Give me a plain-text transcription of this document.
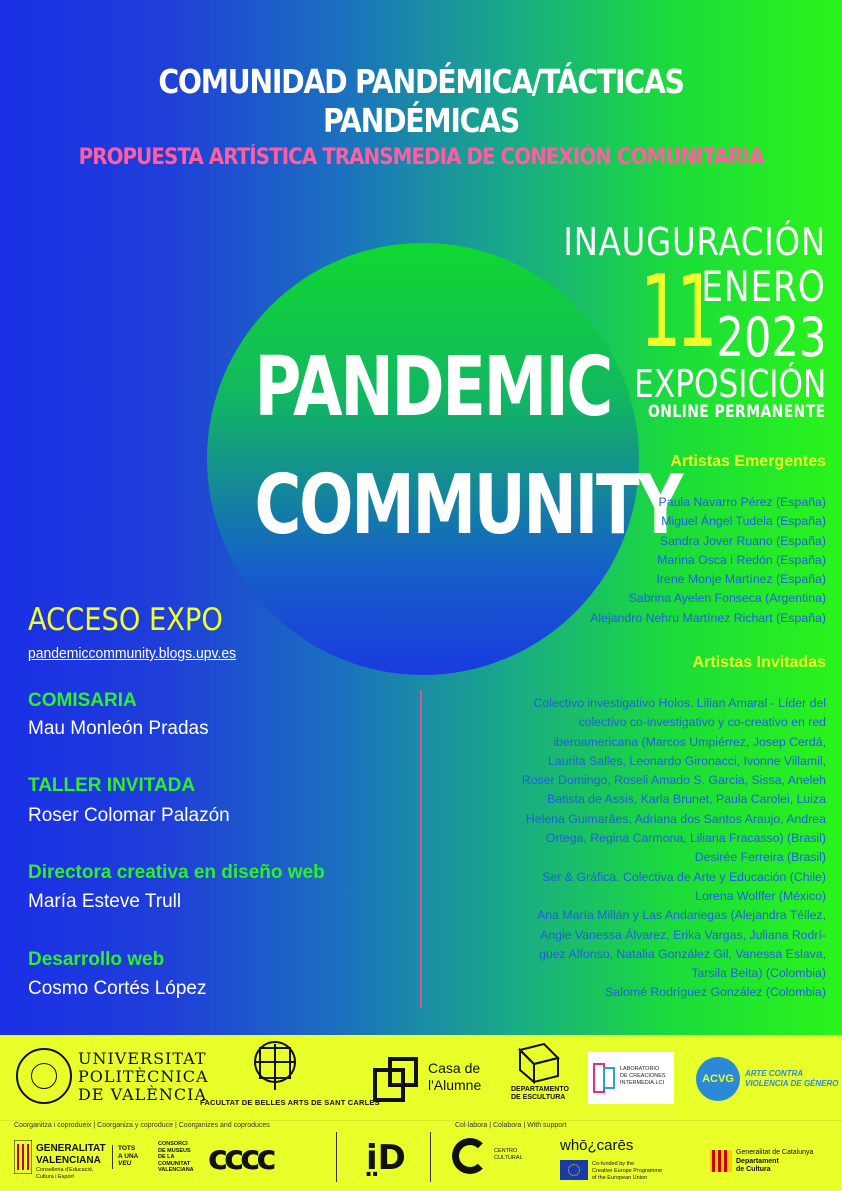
COMUNIDAD PANDÉMICA/TÁCTICAS PANDÉMICAS
PROPUESTA ARTÍSTICA TRANSMEDIA DE CONEXIÓN COMUNITARIA
PANDEMIC
COMMUNITY
INAUGURACIÓN
11
ENERO
2023
EXPOSICIÓN
ONLINE PERMANENTE
Artistas Emergentes
Paula Navarro Pérez (España)
Miguel Ángel Tudela (España)
Sandra Jover Ruano (España)
Marina Osca i Redón (España)
Irene Monje Martínez (España)
Sabrina Ayelen Fonseca (Argentina)
Alejandro Nehru Martínez Richart (España)
Artistas Invitadas
Colectivo investigativo Holos. Lilian Amaral - Líder del
colectivo co-investigativo y co-creativo en red
iberoamericana (Marcos Umpiérrez, Josep Cerdá,
Laurita Salles, Leonardo Gironacci, Ivonne Villamil,
Roser Domingo, Roseli Amado S. Garcia, Sissa, Aneleh
Batista de Assis, Karla Brunet, Paula Carolei, Luiza
Helena Guimarães, Adriana dos Santos Araujo, Andrea
Ortega, Regina Carmona, Liliana Fracasso) (Brasil)
Desirée Ferreira (Brasil)
Ser & Gráfica. Colectiva de Arte y Educación (Chile)
Lorena Wolffer (México)
Ana María Millán y Las Andariegas (Alejandra Téllez,
Angie Vanessa Álvarez, Erika Vargas, Juliana Rodrí-
guez Alfonso, Natalia González Gil, Vanessa Eslava,
Tarsila Beita) (Colombia)
Salomé Rodríguez González (Colombia)
ACCESO EXPO
pandemiccommunity.blogs.upv.es
COMISARIA
Mau Monleón Pradas
TALLER INVITADA
Roser Colomar Palazón
Directora creativa en diseño web
María Esteve Trull
Desarrollo web
Cosmo Cortés López
UNIVERSITAT
POLITÈCNICA
DE VALÈNCIA
FACULTAT DE BELLES ARTS DE SANT CARLES
Casa de
l'Alumne	DEPARTAMENTO
DE ESCULTURA
LABORATORIO
DE CREACIONES
INTERMEDIA.LCI	ACVG	ARTE CONTRA
VIOLENCIA DE GÉNERO
Coorganitza i coprodueix | Coorganiza y coproduce | Coorganizes and coproduces	Col·labora | Colabora | With support
GENERALITAT
VALENCIANA
Conselleria d'Educació,
Cultura i Esport
TOTS
A UNA
VEU
CONSORCI
DE MUSEUS
DE LA
COMUNITAT
VALENCIANA cccc	i̤D	CENTRO
CULTURAL
whō¿carēs
Co-funded by the
Creative Europe Programme
of the European Union
Generalitat de Catalunya
Departament
de Cultura
